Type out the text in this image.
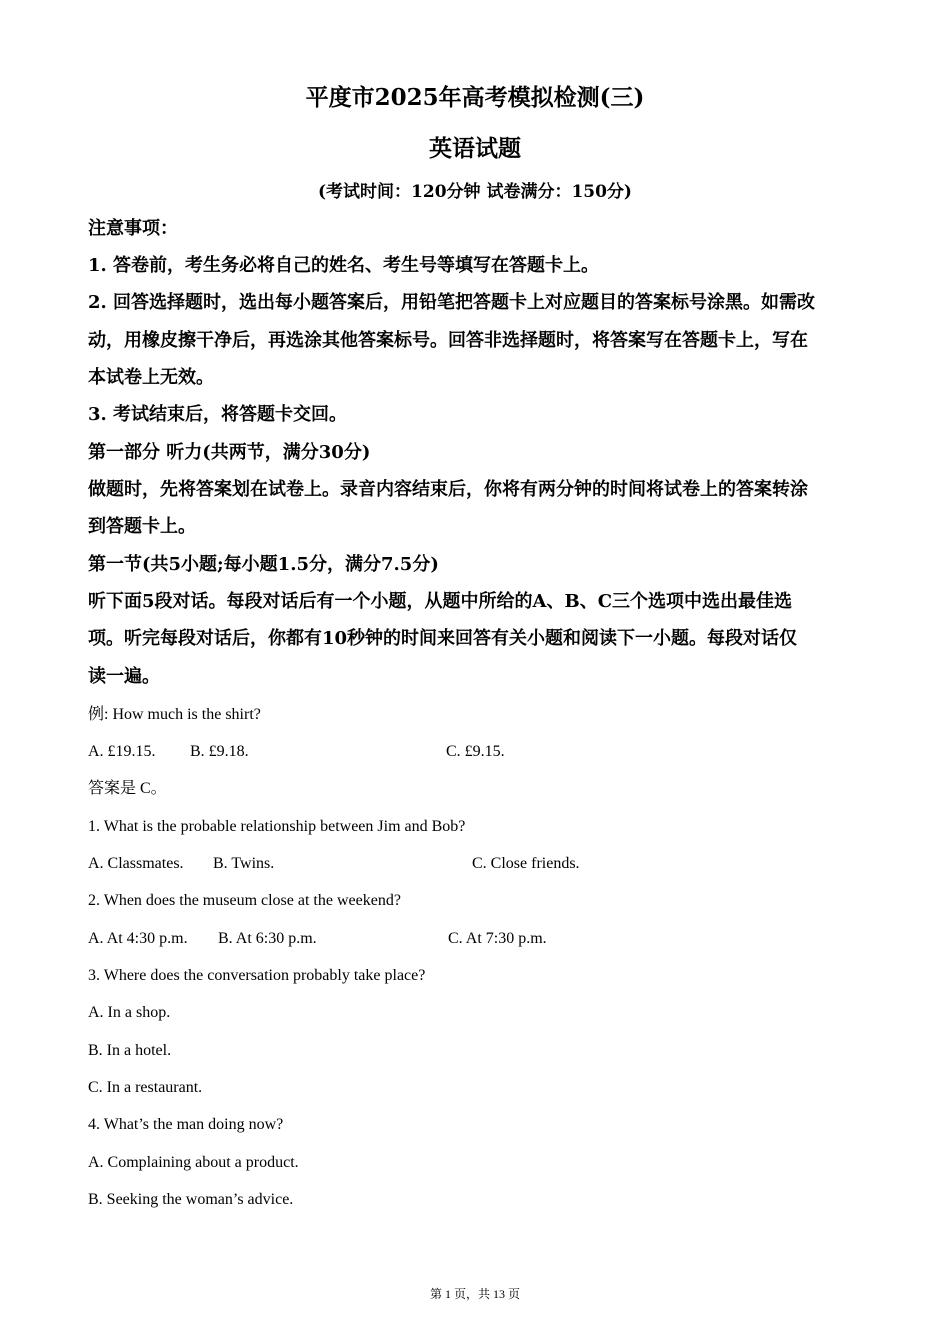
平度市2025年高考模拟检测(三)
英语试题
(考试时间：120分钟 试卷满分：150分)
注意事项：
1. 答卷前，考生务必将自己的姓名、考生号等填写在答题卡上。
2. 回答选择题时，选出每小题答案后，用铅笔把答题卡上对应题目的答案标号涂黑。如需改
动，用橡皮擦干净后，再选涂其他答案标号。回答非选择题时，将答案写在答题卡上，写在
本试卷上无效。
3. 考试结束后，将答题卡交回。
第一部分 听力(共两节，满分30分)
做题时，先将答案划在试卷上。录音内容结束后，你将有两分钟的时间将试卷上的答案转涂
到答题卡上。
第一节(共5小题;每小题1.5分，满分7.5分)
听下面5段对话。每段对话后有一个小题，从题中所给的A、B、C三个选项中选出最佳选
项。听完每段对话后，你都有10秒钟的时间来回答有关小题和阅读下一小题。每段对话仅
读一遍。
例: How much is the shirt?
A. £19.15. B. £9.18.	C. £9.15.
答案是 C。
1. What is the probable relationship between Jim and Bob?
A. Classmates. B. Twins.	C. Close friends.
2. When does the museum close at the weekend?
A. At 4:30 p.m. B. At 6:30 p.m.	C. At 7:30 p.m.
3. Where does the conversation probably take place?
A. In a shop.
B. In a hotel.
C. In a restaurant.
4. What’s the man doing now?
A. Complaining about a product.
B. Seeking the woman’s advice.
第 1 页，共 13 页
